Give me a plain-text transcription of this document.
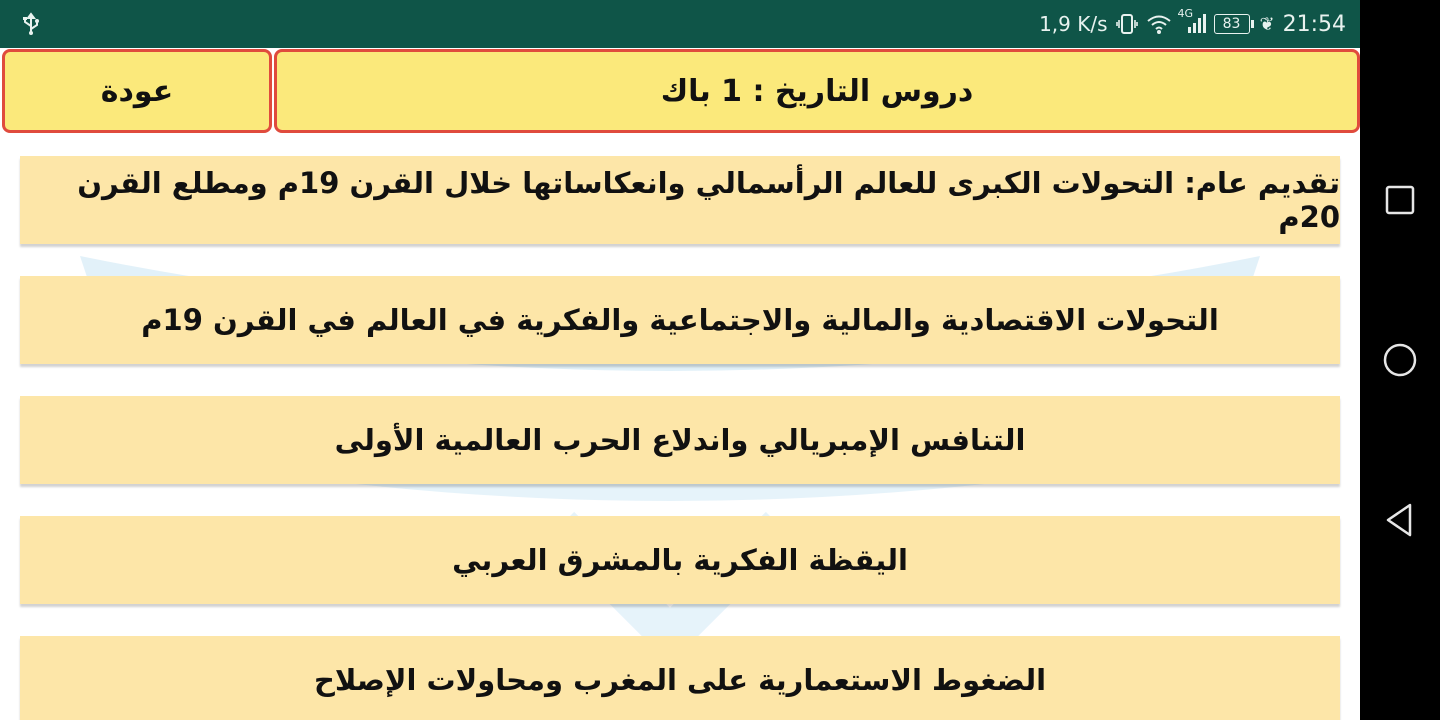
1,9 K/s	4G
83	❦ 21:54
عودة	دروس التاريخ : 1 باك
تقديم عام: التحولات الكبرى للعالم الرأسمالي وانعكاساتها خلال القرن 19م ومطلع القرن 20م
التحولات الاقتصادية والمالية والاجتماعية والفكرية في العالم في القرن 19م
التنافس الإمبريالي واندلاع الحرب العالمية الأولى
اليقظة الفكرية بالمشرق العربي
الضغوط الاستعمارية على المغرب ومحاولات الإصلاح
